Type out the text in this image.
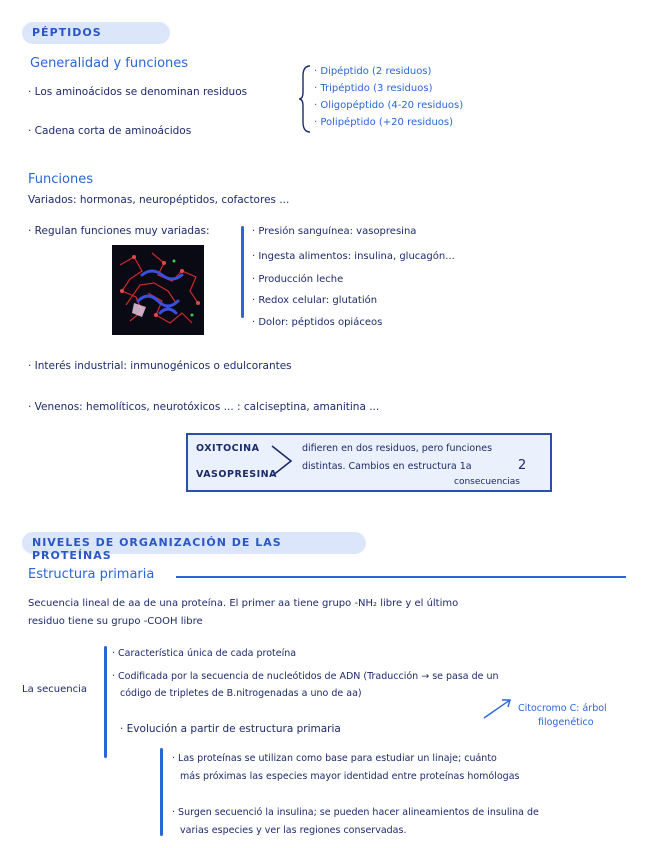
PÉPTIDOS
Generalidad y funciones
· Los aminoácidos se denominan residuos
· Cadena corta de aminoácidos
· Dipéptido (2 residuos)
· Tripéptido (3 residuos)
· Oligopéptido (4-20 residuos)
· Polipéptido (+20 residuos)
Funciones
Variados: hormonas, neuropéptidos, cofactores ...
· Regulan funciones muy variadas:	· Presión sanguínea: vasopresina
· Ingesta alimentos: insulina, glucagón...
· Producción leche
· Redox celular: glutatión
· Dolor: péptidos opiáceos
· Interés industrial: inmunogénicos o edulcorantes
· Venenos: hemolíticos, neurotóxicos ... : calciseptina, amanitina ...
OXITOCINA
VASOPRESINA
difieren en dos residuos, pero funciones
distintas. Cambios en estructura 1a	2
consecuencias
NIVELES DE ORGANIZACIÓN DE LAS PROTEÍNAS
Estructura primaria
Secuencia lineal de aa de una proteína. El primer aa tiene grupo -NH₂ libre y el último
residuo tiene su grupo -COOH libre
La secuencia
· Característica única de cada proteína
· Codificada por la secuencia de nucleótidos de ADN (Traducción → se pasa de un
código de tripletes de B.nitrogenadas a uno de aa)
Citocromo C: árbol
filogenético
· Evolución a partir de estructura primaria
· Las proteínas se utilizan como base para estudiar un linaje; cuánto
más próximas las especies mayor identidad entre proteínas homólogas
· Surgen secuenció la insulina; se pueden hacer alineamientos de insulina de
varias especies y ver las regiones conservadas.
